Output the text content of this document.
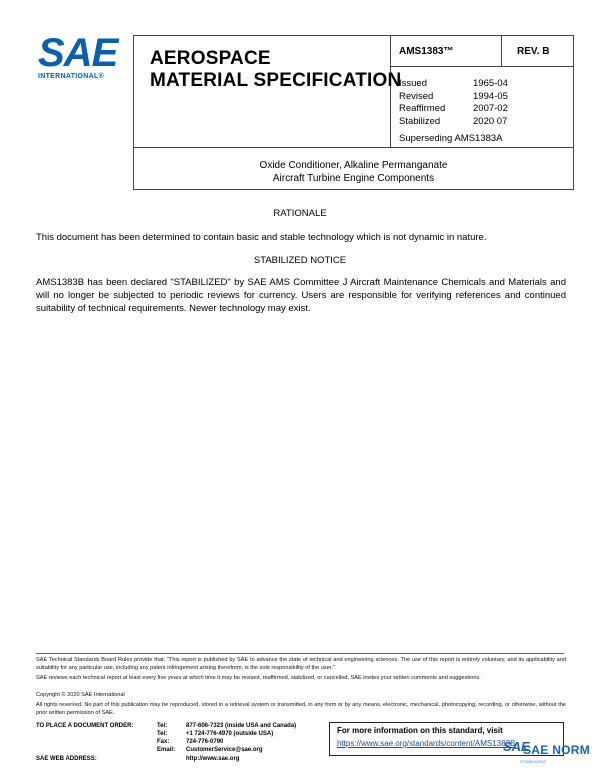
SAE
INTERNATIONAL®
AEROSPACE
MATERIAL SPECIFICATION
AMS1383™	REV. B
Issued	1965-04
Revised	1994-05
Reaffirmed	2007-02
Stabilized	2020 07
Superseding AMS1383A
Oxide Conditioner, Alkaline Permanganate
Aircraft Turbine Engine Components
RATIONALE
This document has been determined to contain basic and stable technology which is not dynamic in nature.
STABILIZED NOTICE
AMS1383B has been declared "STABILIZED" by SAE AMS Committee J Aircraft Maintenance Chemicals and Materials and will no longer be subjected to periodic reviews for currency. Users are responsible for verifying references and continued suitability of technical requirements. Newer technology may exist.
SAE Technical Standards Board Rules provide that: "This report is published by SAE to advance the state of technical and engineering sciences. The use of this report is entirely voluntary, and its applicability and suitability for any particular use, including any patent infringement arising therefrom, is the sole responsibility of the user."
SAE reviews each technical report at least every five years at which time it may be revised, reaffirmed, stabilized, or cancelled. SAE invites your written comments and suggestions.
Copyright © 2020 SAE International
All rights reserved. No part of this publication may be reproduced, stored in a retrieval system or transmitted, in any form or by any means, electronic, mechanical, photocopying, recording, or otherwise, without the prior written permission of SAE.
TO PLACE A DOCUMENT ORDER:	Tel:	877-606-7323 (inside USA and Canada)
Tel:	+1 724-776-4970 (outside USA)
Fax:	724-776-0790
Email: CustomerService@sae.org
SAE WEB ADDRESS:	http://www.sae.org
For more information on this standard, visit
https://www.sae.org/standards/content/AMS1383B
SAE
SAE NORM
STANDARDS
